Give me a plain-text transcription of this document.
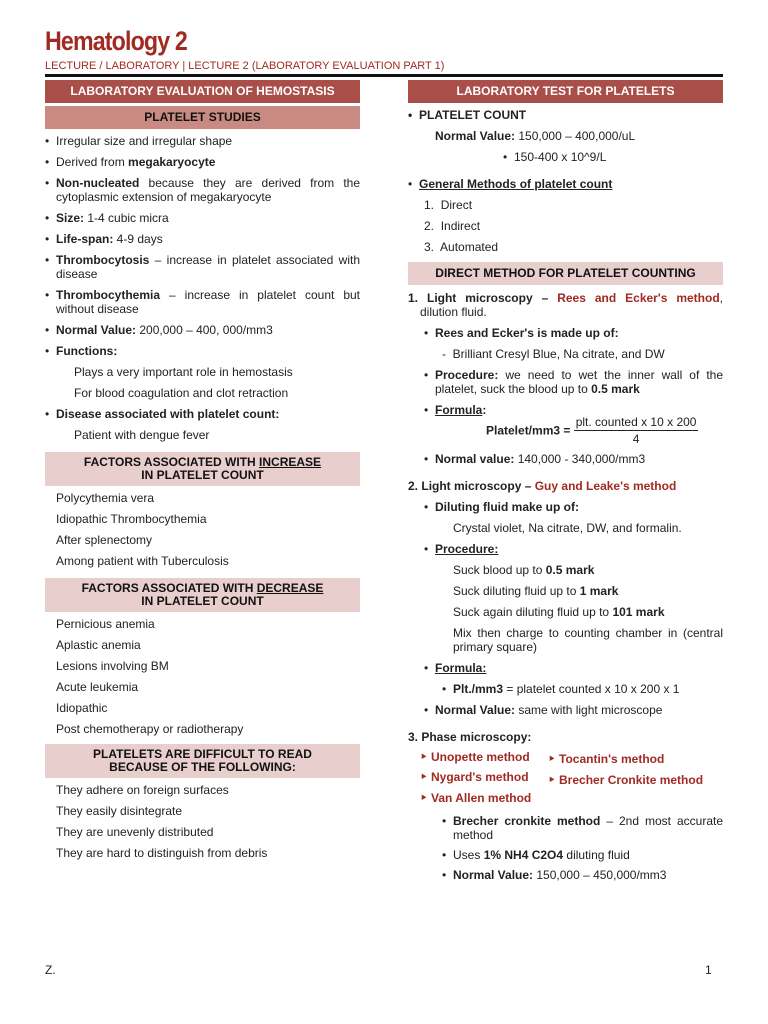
Hematology 2
LECTURE / LABORATORY | LECTURE 2 (LABORATORY EVALUATION PART 1)
LABORATORY EVALUATION OF HEMOSTASIS
PLATELET STUDIES
• Irregular size and irregular shape
• Derived from megakaryocyte
• Non-nucleated because they are derived from the cytoplasmic extension of megakaryocyte
• Size: 1-4 cubic micra
• Life-span: 4-9 days
• Thrombocytosis – increase in platelet associated with disease
• Thrombocythemia – increase in platelet count but without disease
• Normal Value: 200,000 – 400, 000/mm3
• Functions:
Plays a very important role in hemostasis
For blood coagulation and clot retraction
• Disease associated with platelet count:
Patient with dengue fever
FACTORS ASSOCIATED WITH INCREASE
IN PLATELET COUNT
Polycythemia vera
Idiopathic Thrombocythemia
After splenectomy
Among patient with Tuberculosis
FACTORS ASSOCIATED WITH DECREASE
IN PLATELET COUNT
Pernicious anemia
Aplastic anemia
Lesions involving BM
Acute leukemia
Idiopathic
Post chemotherapy or radiotherapy
PLATELETS ARE DIFFICULT TO READ
BECAUSE OF THE FOLLOWING:
They adhere on foreign surfaces
They easily disintegrate
They are unevenly distributed
They are hard to distinguish from debris
LABORATORY TEST FOR PLATELETS
• PLATELET COUNT
Normal Value: 150,000 – 400,000/uL
• 150-400 x 10^9/L
• General Methods of platelet count
1.  Direct
2.  Indirect
3.  Automated
DIRECT METHOD FOR PLATELET COUNTING
1. Light microscopy – Rees and Ecker's method, dilution fluid.
• Rees and Ecker's is made up of:
-  Brilliant Cresyl Blue, Na citrate, and DW
• Procedure: we need to wet the inner wall of the platelet, suck the blood up to 0.5 mark
• Formula:
Platelet/mm3 = $\frac{\text{plt. counted x 10 x 200}}{4}$
• Normal value: 140,000 - 340,000/mm3
2. Light microscopy – Guy and Leake's method
• Diluting fluid make up of:
Crystal violet, Na citrate, DW, and formalin.
• Procedure:
Suck blood up to 0.5 mark
Suck diluting fluid up to 1 mark
Suck again diluting fluid up to 101 mark
Mix then charge to counting chamber in (central primary square)
• Formula:
• Plt./mm3 = platelet counted x 10 x 200 x 1
• Normal Value: same with light microscope
3. Phase microscopy:
‣ Unopette method ‣ Tocantin's method
‣ Nygard's method ‣ Brecher Cronkite method
‣ Van Allen method
• Brecher cronkite method – 2nd most accurate method
• Uses 1% NH4 C2O4 diluting fluid
• Normal Value: 150,000 – 450,000/mm3
Z.	1
